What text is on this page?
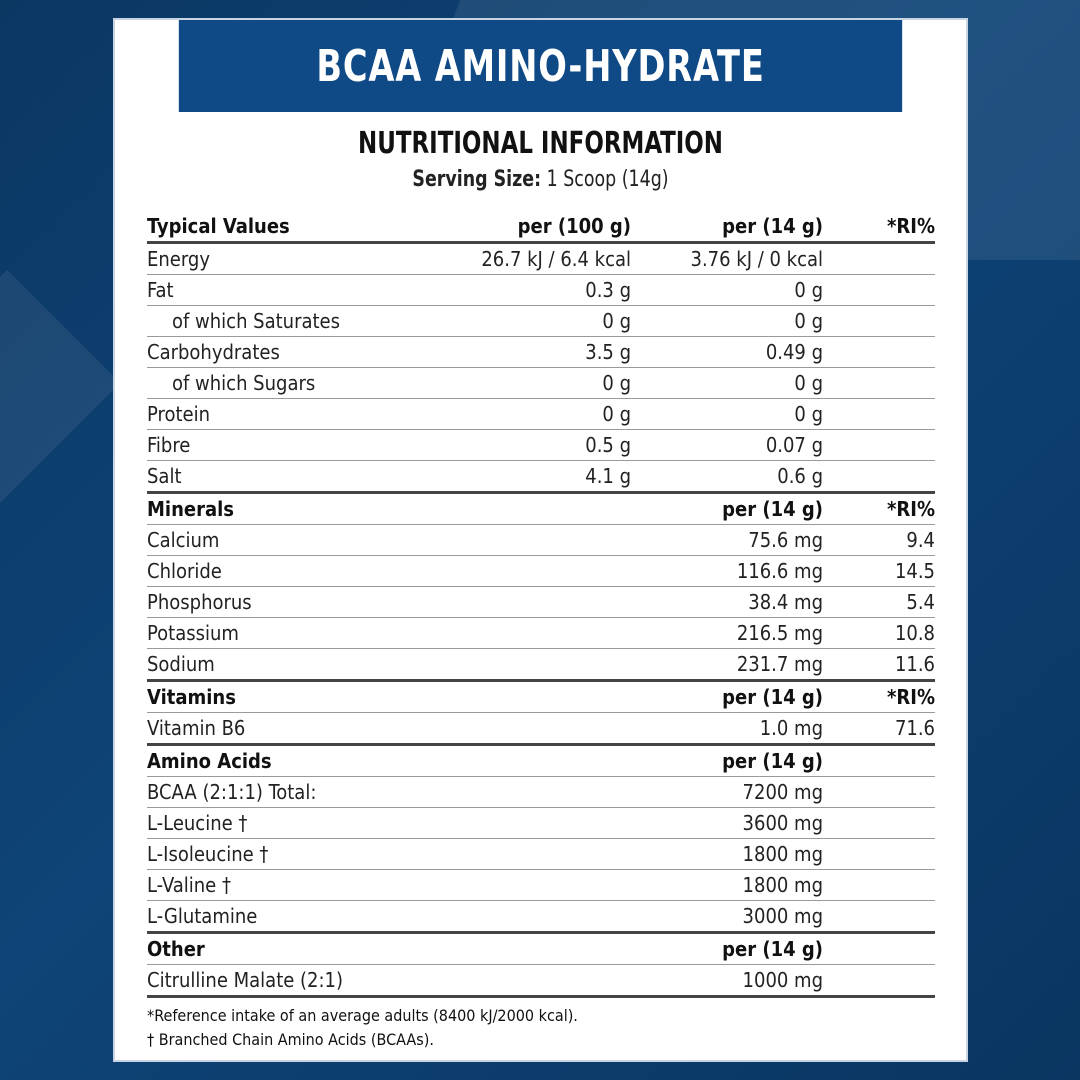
BCAA AMINO-HYDRATE
NUTRITIONAL INFORMATION
Serving Size: 1 Scoop (14g)
Typical Values	per (100 g)	per (14 g)	*RI%
Energy	26.7 kJ / 6.4 kcal	3.76 kJ / 0 kcal	
Fat	0.3 g	0 g	
of which Saturates	0 g	0 g	
Carbohydrates	3.5 g	0.49 g	
of which Sugars	0 g	0 g	
Protein	0 g	0 g	
Fibre	0.5 g	0.07 g	
Salt	4.1 g	0.6 g	
Minerals		per (14 g)	*RI%
Calcium		75.6 mg	9.4
Chloride		116.6 mg	14.5
Phosphorus		38.4 mg	5.4
Potassium		216.5 mg	10.8
Sodium		231.7 mg	11.6
Vitamins		per (14 g)	*RI%
Vitamin B6		1.0 mg	71.6
Amino Acids		per (14 g)	
BCAA (2:1:1) Total:		7200 mg	
L-Leucine †		3600 mg	
L-Isoleucine †		1800 mg	
L-Valine †		1800 mg	
L-Glutamine		3000 mg	
Other		per (14 g)	
Citrulline Malate (2:1)		1000 mg	
*Reference intake of an average adults (8400 kJ/2000 kcal).
† Branched Chain Amino Acids (BCAAs).
